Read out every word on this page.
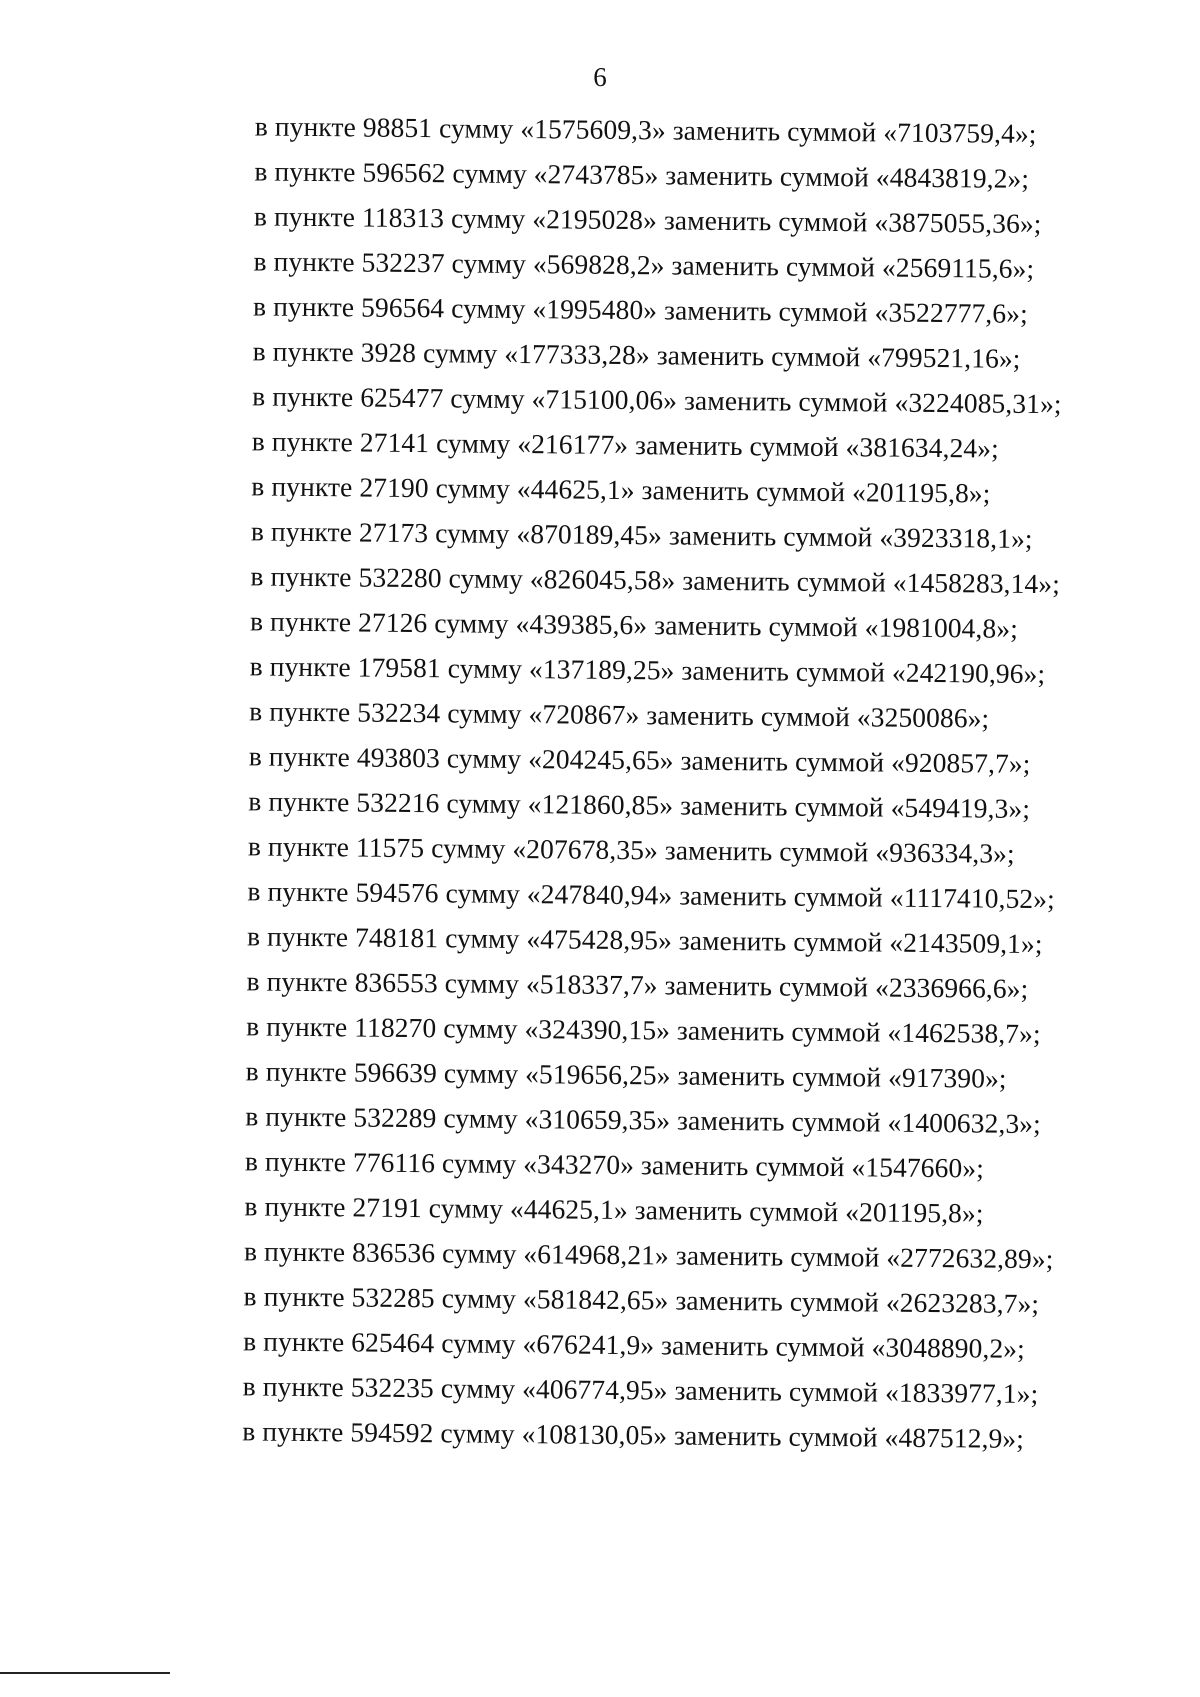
6
в пункте 98851 сумму «1575609,3» заменить суммой «7103759,4»;
в пункте 596562 сумму «2743785» заменить суммой «4843819,2»;
в пункте 118313 сумму «2195028» заменить суммой «3875055,36»;
в пункте 532237 сумму «569828,2» заменить суммой «2569115,6»;
в пункте 596564 сумму «1995480» заменить суммой «3522777,6»;
в пункте 3928 сумму «177333,28» заменить суммой «799521,16»;
в пункте 625477 сумму «715100,06» заменить суммой «3224085,31»;
в пункте 27141 сумму «216177» заменить суммой «381634,24»;
в пункте 27190 сумму «44625,1» заменить суммой «201195,8»;
в пункте 27173 сумму «870189,45» заменить суммой «3923318,1»;
в пункте 532280 сумму «826045,58» заменить суммой «1458283,14»;
в пункте 27126 сумму «439385,6» заменить суммой «1981004,8»;
в пункте 179581 сумму «137189,25» заменить суммой «242190,96»;
в пункте 532234 сумму «720867» заменить суммой «3250086»;
в пункте 493803 сумму «204245,65» заменить суммой «920857,7»;
в пункте 532216 сумму «121860,85» заменить суммой «549419,3»;
в пункте 11575 сумму «207678,35» заменить суммой «936334,3»;
в пункте 594576 сумму «247840,94» заменить суммой «1117410,52»;
в пункте 748181 сумму «475428,95» заменить суммой «2143509,1»;
в пункте 836553 сумму «518337,7» заменить суммой «2336966,6»;
в пункте 118270 сумму «324390,15» заменить суммой «1462538,7»;
в пункте 596639 сумму «519656,25» заменить суммой «917390»;
в пункте 532289 сумму «310659,35» заменить суммой «1400632,3»;
в пункте 776116 сумму «343270» заменить суммой «1547660»;
в пункте 27191 сумму «44625,1» заменить суммой «201195,8»;
в пункте 836536 сумму «614968,21» заменить суммой «2772632,89»;
в пункте 532285 сумму «581842,65» заменить суммой «2623283,7»;
в пункте 625464 сумму «676241,9» заменить суммой «3048890,2»;
в пункте 532235 сумму «406774,95» заменить суммой «1833977,1»;
в пункте 594592 сумму «108130,05» заменить суммой «487512,9»;
